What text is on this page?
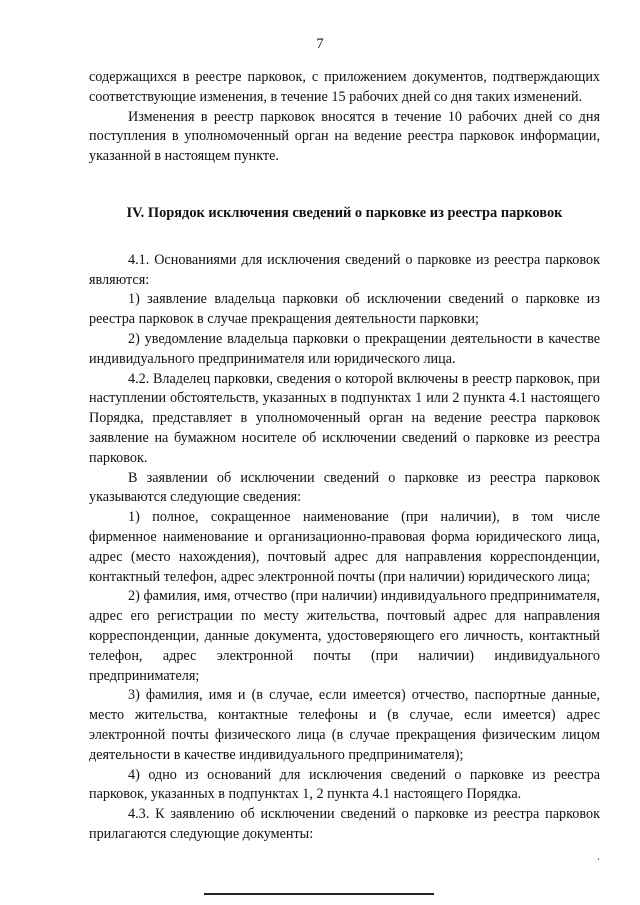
7

содержащихся в реестре парковок, с приложением документов, подтверждающих соответствующие изменения, в течение 15 рабочих дней со дня таких изменений.

Изменения в реестр парковок вносятся в течение 10 рабочих дней со дня поступления в уполномоченный орган на ведение реестра парковок информации, указанной в настоящем пункте.

IV. Порядок исключения сведений о парковке из реестра парковок

4.1. Основаниями для исключения сведений о парковке из реестра парковок являются:

1) заявление владельца парковки об исключении сведений о парковке из реестра парковок в случае прекращения деятельности парковки;

2) уведомление владельца парковки о прекращении деятельности в качестве индивидуального предпринимателя или юридического лица.

4.2. Владелец парковки, сведения о которой включены в реестр парковок, при наступлении обстоятельств, указанных в подпунктах 1 или 2 пункта 4.1 настоящего Порядка, представляет в уполномоченный орган на ведение реестра парковок заявление на бумажном носителе об исключении сведений о парковке из реестра парковок.

В заявлении об исключении сведений о парковке из реестра парковок указываются следующие сведения:

1) полное, сокращенное наименование (при наличии), в том числе фирменное наименование и организационно-правовая форма юридического лица, адрес (место нахождения), почтовый адрес для направления корреспонденции, контактный телефон, адрес электронной почты (при наличии) юридического лица;

2) фамилия, имя, отчество (при наличии) индивидуального предпринимателя, адрес его регистрации по месту жительства, почтовый адрес для направления корреспонденции, данные документа, удостоверяющего его личность, контактный телефон, адрес электронной почты (при наличии) индивидуального предпринимателя;

3) фамилия, имя и (в случае, если имеется) отчество, паспортные данные, место жительства, контактные телефоны и (в случае, если имеется) адрес электронной почты физического лица (в случае прекращения физическим лицом деятельности в качестве индивидуального предпринимателя);

4) одно из оснований для исключения сведений о парковке из реестра парковок, указанных в подпунктах 1, 2 пункта 4.1 настоящего Порядка.

4.3. К заявлению об исключении сведений о парковке из реестра парковок прилагаются следующие документы:
